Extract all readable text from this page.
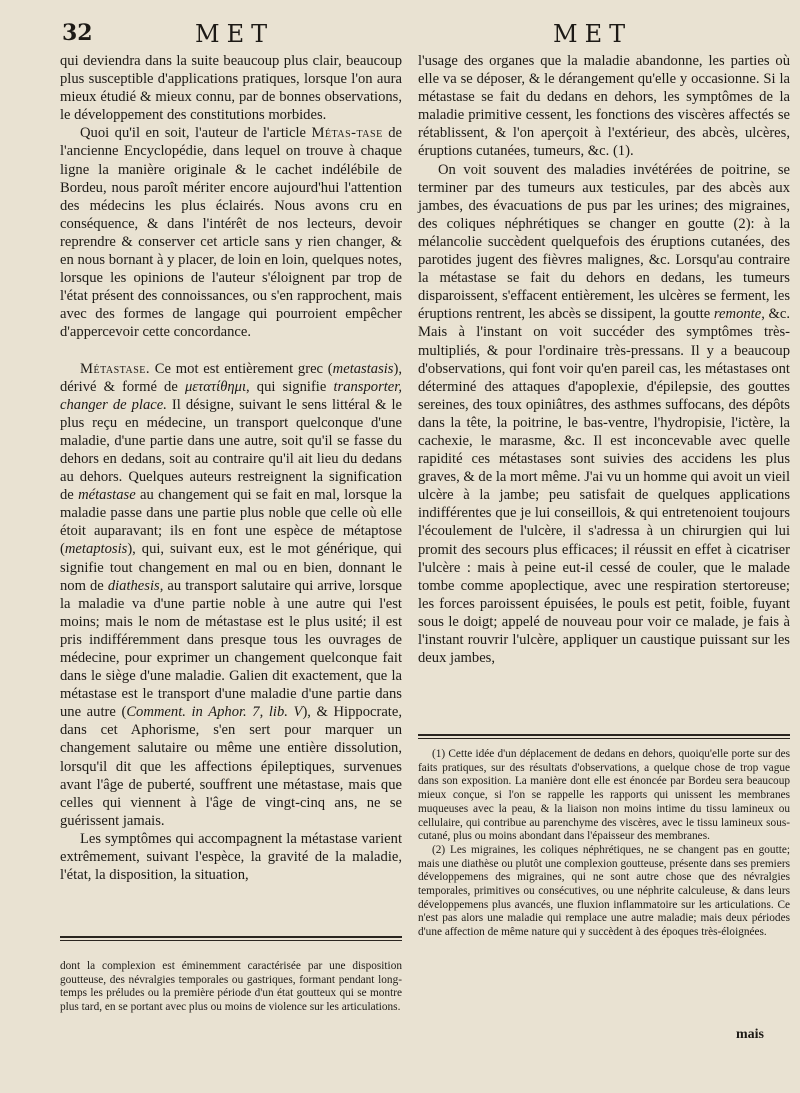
32	MET	MET

qui deviendra dans la suite beaucoup plus clair, beaucoup plus susceptible d'applications pratiques, lorsque l'on aura mieux étudié & mieux connu, par de bonnes observations, le développement des constitutions morbides.

Quoi qu'il en soit, l'auteur de l'article Métas-tase de l'ancienne Encyclopédie, dans lequel on trouve à chaque ligne la manière originale & le cachet indélébile de Bordeu, nous paroît mériter encore aujourd'hui l'attention des médecins les plus éclairés. Nous avons cru en conséquence, & dans l'intérêt de nos lecteurs, devoir reprendre & conserver cet article sans y rien changer, & en nous bornant à y placer, de loin en loin, quelques notes, lorsque les opinions de l'auteur s'éloignent par trop de l'état présent des connoissances, ou s'en rapprochent, mais avec des formes de langage qui pourroient empêcher d'appercevoir cette concordance.

Métastase. Ce mot est entièrement grec (metastasis), dérivé & formé de μετατίθημι, qui signifie transporter, changer de place. Il désigne, suivant le sens littéral & le plus reçu en médecine, un transport quelconque d'une maladie, d'une partie dans une autre, soit qu'il se fasse du dehors en dedans, soit au contraire qu'il ait lieu du dedans au dehors. Quelques auteurs restreignent la signification de métastase au changement qui se fait en mal, lorsque la maladie passe dans une partie plus noble que celle où elle étoit auparavant; ils en font une espèce de métaptose (metaptosis), qui, suivant eux, est le mot générique, qui signifie tout changement en mal ou en bien, donnant le nom de diathesis, au transport salutaire qui arrive, lorsque la maladie va d'une partie noble à une autre qui l'est moins; mais le nom de métastase est le plus usité; il est pris indifféremment dans presque tous les ouvrages de médecine, pour exprimer un changement quelconque fait dans le siège d'une maladie. Galien dit exactement, que la métastase est le transport d'une maladie d'une partie dans une autre (Comment. in Aphor. 7, lib. V), & Hippocrate, dans cet Aphorisme, s'en sert pour marquer un changement salutaire ou même une entière dissolution, lorsqu'il dit que les affections épileptiques, survenues avant l'âge de puberté, souffrent une métastase, mais que celles qui viennent à l'âge de vingt-cinq ans, ne se guérissent jamais.

Les symptômes qui accompagnent la métastase varient extrêmement, suivant l'espèce, la gravité de la maladie, l'état, la disposition, la situation,

l'usage des organes que la maladie abandonne, les parties où elle va se déposer, & le dérangement qu'elle y occasionne. Si la métastase se fait du dedans en dehors, les symptômes de la maladie primitive cessent, les fonctions des viscères affectés se rétablissent, & l'on aperçoit à l'extérieur, des abcès, ulcères, éruptions cutanées, tumeurs, &c. (1).

On voit souvent des maladies invétérées de poitrine, se terminer par des tumeurs aux testicules, par des abcès aux jambes, des évacuations de pus par les urines; des migraines, des coliques néphrétiques se changer en goutte (2): à la mélancolie succèdent quelquefois des éruptions cutanées, des parotides jugent des fièvres malignes, &c. Lorsqu'au contraire la métastase se fait du dehors en dedans, les tumeurs disparoissent, s'effacent entièrement, les ulcères se ferment, les éruptions rentrent, les abcès se dissipent, la goutte remonte, &c. Mais à l'instant on voit succéder des symptômes très-multipliés, & pour l'ordinaire très-pressans. Il y a beaucoup d'observations, qui font voir qu'en pareil cas, les métastases ont déterminé des attaques d'apoplexie, d'épilepsie, des gouttes sereines, des toux opiniâtres, des asthmes suffocans, des dépôts dans la tête, la poitrine, le bas-ventre, l'hydropisie, l'ictère, la cachexie, le marasme, &c. Il est inconcevable avec quelle rapidité ces métastases sont suivies des accidens les plus graves, & de la mort même. J'ai vu un homme qui avoit un vieil ulcère à la jambe; peu satisfait de quelques applications indifférentes que je lui conseillois, & qui entretenoient toujours l'écoulement de l'ulcère, il s'adressa à un chirurgien qui lui promit des secours plus efficaces; il réussit en effet à cicatriser l'ulcère : mais à peine eut-il cessé de couler, que le malade tombe comme apoplectique, avec une respiration stertoreuse; les forces paroissent épuisées, le pouls est petit, foible, fuyant sous le doigt; appelé de nouveau pour voir ce malade, je fais à l'instant rouvrir l'ulcère, appliquer un caustique puissant sur les deux jambes,

dont la complexion est éminemment caractérisée par une disposition goutteuse, des névralgies temporales ou gastriques, formant pendant long-temps les préludes ou la première période d'un état goutteux qui se montre plus tard, en se portant avec plus ou moins de violence sur les articulations.

(1) Cette idée d'un déplacement de dedans en dehors, quoiqu'elle porte sur des faits pratiques, sur des résultats d'observations, a quelque chose de trop vague dans son exposition. La manière dont elle est énoncée par Bordeu sera beaucoup mieux conçue, si l'on se rappelle les rapports qui unissent les membranes muqueuses avec la peau, & la liaison non moins intime du tissu lamineux ou cellulaire, qui contribue au parenchyme des viscères, avec le tissu lamineux sous-cutané, plus ou moins abondant dans l'épaisseur des membranes.

(2) Les migraines, les coliques néphrétiques, ne se changent pas en goutte; mais une diathèse ou plutôt une complexion goutteuse, présente dans ses premiers développemens des migraines, qui ne sont autre chose que des névralgies temporales, primitives ou consécutives, ou une néphrite calculeuse, & dans leurs développemens plus avancés, une fluxion inflammatoire sur les articulations. Ce n'est pas alors une maladie qui remplace une autre maladie; mais deux périodes d'une affection de même nature qui y succèdent à des époques très-éloignées.

mais
